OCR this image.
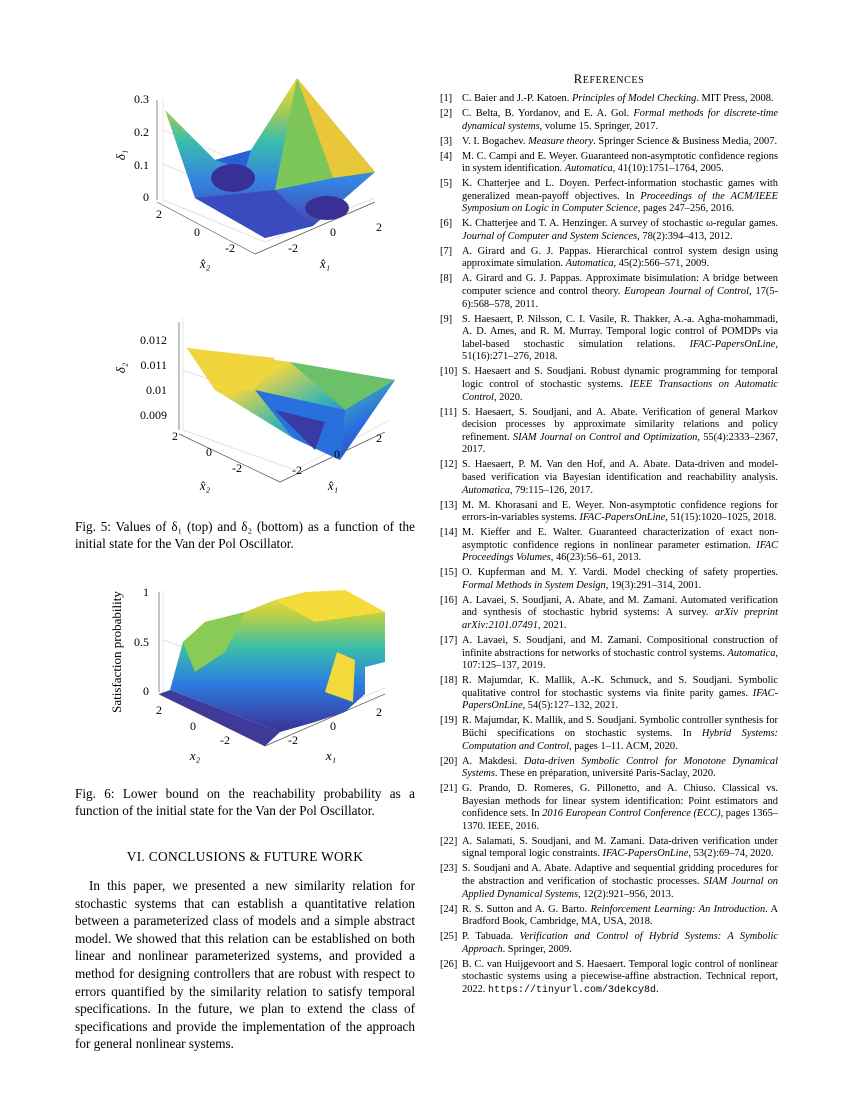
0.3
0.2
0.1
0
δ₁
2
0
-2	-2
0	2
x̂₂	x̂₁
0.012
0.011
0.01
0.009
δ₂
2
0
-2	-2
0
2
x̂₂	x̂₁

Fig. 5: Values of δ₁ (top) and δ₂ (bottom) as a function of the initial state for the Van der Pol Oscillator.

1
0.5
0
Satisfaction probability	2
0
-2	-2
0
2
x₂	x₁

Fig. 6: Lower bound on the reachability probability as a function of the initial state for the Van der Pol Oscillator.

VI. CONCLUSIONS & FUTURE WORK

In this paper, we presented a new similarity relation for stochastic systems that can establish a quantitative relation between a parameterized class of models and a simple abstract model. We showed that this relation can be established on both linear and nonlinear parameterized systems, and provided a method for designing controllers that are robust with respect to errors quantified by the similarity relation to satisfy temporal specifications. In the future, we plan to extend the class of specifications and provide the implementation of the approach for general nonlinear systems.

REFERENCES

[1] C. Baier and J.-P. Katoen. Principles of Model Checking. MIT Press, 2008.
[2] C. Belta, B. Yordanov, and E. A. Gol. Formal methods for discrete-time dynamical systems, volume 15. Springer, 2017.
[3] V. I. Bogachev. Measure theory. Springer Science & Business Media, 2007.
[4] M. C. Campi and E. Weyer. Guaranteed non-asymptotic confidence regions in system identification. Automatica, 41(10):1751–1764, 2005.
[5] K. Chatterjee and L. Doyen. Perfect-information stochastic games with generalized mean-payoff objectives. In Proceedings of the ACM/IEEE Symposium on Logic in Computer Science, pages 247–256, 2016.
[6] K. Chatterjee and T. A. Henzinger. A survey of stochastic ω-regular games. Journal of Computer and System Sciences, 78(2):394–413, 2012.
[7] A. Girard and G. J. Pappas. Hierarchical control system design using approximate simulation. Automatica, 45(2):566–571, 2009.
[8] A. Girard and G. J. Pappas. Approximate bisimulation: A bridge between computer science and control theory. European Journal of Control, 17(5-6):568–578, 2011.
[9] S. Haesaert, P. Nilsson, C. I. Vasile, R. Thakker, A.-a. Agha-mohammadi, A. D. Ames, and R. M. Murray. Temporal logic control of POMDPs via label-based stochastic simulation relations. IFAC-PapersOnLine, 51(16):271–276, 2018.
[10] S. Haesaert and S. Soudjani. Robust dynamic programming for temporal logic control of stochastic systems. IEEE Transactions on Automatic Control, 2020.
[11] S. Haesaert, S. Soudjani, and A. Abate. Verification of general Markov decision processes by approximate similarity relations and policy refinement. SIAM Journal on Control and Optimization, 55(4):2333–2367, 2017.
[12] S. Haesaert, P. M. Van den Hof, and A. Abate. Data-driven and model-based verification via Bayesian identification and reachability analysis. Automatica, 79:115–126, 2017.
[13] M. M. Khorasani and E. Weyer. Non-asymptotic confidence regions for errors-in-variables systems. IFAC-PapersOnLine, 51(15):1020–1025, 2018.
[14] M. Kieffer and E. Walter. Guaranteed characterization of exact non-asymptotic confidence regions in nonlinear parameter estimation. IFAC Proceedings Volumes, 46(23):56–61, 2013.
[15] O. Kupferman and M. Y. Vardi. Model checking of safety properties. Formal Methods in System Design, 19(3):291–314, 2001.
[16] A. Lavaei, S. Soudjani, A. Abate, and M. Zamani. Automated verification and synthesis of stochastic hybrid systems: A survey. arXiv preprint arXiv:2101.07491, 2021.
[17] A. Lavaei, S. Soudjani, and M. Zamani. Compositional construction of infinite abstractions for networks of stochastic control systems. Automatica, 107:125–137, 2019.
[18] R. Majumdar, K. Mallik, A.-K. Schmuck, and S. Soudjani. Symbolic qualitative control for stochastic systems via finite parity games. IFAC-PapersOnLine, 54(5):127–132, 2021.
[19] R. Majumdar, K. Mallik, and S. Soudjani. Symbolic controller synthesis for Büchi specifications on stochastic systems. In Hybrid Systems: Computation and Control, pages 1–11. ACM, 2020.
[20] A. Makdesi. Data-driven Symbolic Control for Monotone Dynamical Systems. These en préparation, université Paris-Saclay, 2020.
[21] G. Prando, D. Romeres, G. Pillonetto, and A. Chiuso. Classical vs. Bayesian methods for linear system identification: Point estimators and confidence sets. In 2016 European Control Conference (ECC), pages 1365–1370. IEEE, 2016.
[22] A. Salamati, S. Soudjani, and M. Zamani. Data-driven verification under signal temporal logic constraints. IFAC-PapersOnLine, 53(2):69–74, 2020.
[23] S. Soudjani and A. Abate. Adaptive and sequential gridding procedures for the abstraction and verification of stochastic processes. SIAM Journal on Applied Dynamical Systems, 12(2):921–956, 2013.
[24] R. S. Sutton and A. G. Barto. Reinforcement Learning: An Introduction. A Bradford Book, Cambridge, MA, USA, 2018.
[25] P. Tabuada. Verification and Control of Hybrid Systems: A Symbolic Approach. Springer, 2009.
[26] B. C. van Huijgevoort and S. Haesaert. Temporal logic control of nonlinear stochastic systems using a piecewise-affine abstraction. Technical report, 2022. https://tinyurl.com/3dekcy8d.
